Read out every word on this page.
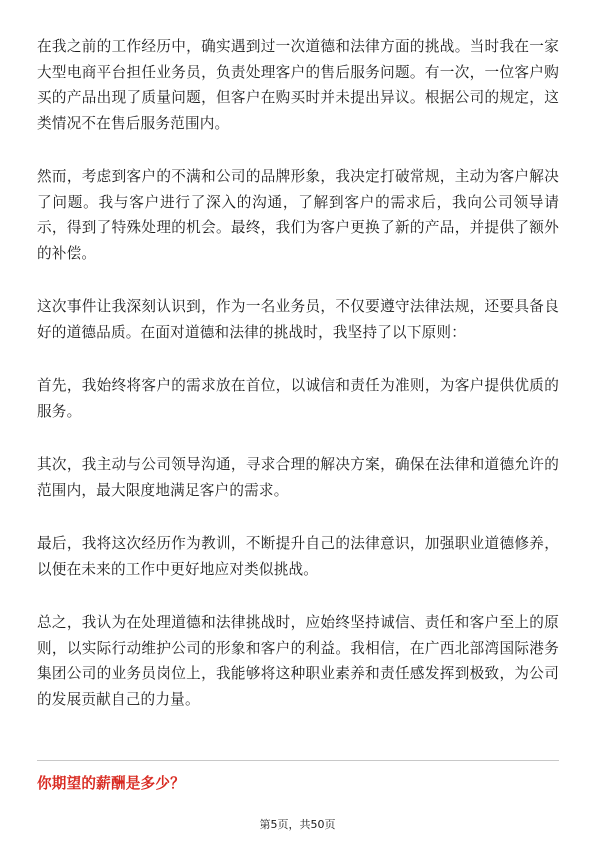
在我之前的工作经历中，确实遇到过一次道德和法律方面的挑战。当时我在一家大型电商平台担任业务员，负责处理客户的售后服务问题。有一次，一位客户购买的产品出现了质量问题，但客户在购买时并未提出异议。根据公司的规定，这类情况不在售后服务范围内。

然而，考虑到客户的不满和公司的品牌形象，我决定打破常规，主动为客户解决了问题。我与客户进行了深入的沟通，了解到客户的需求后，我向公司领导请示，得到了特殊处理的机会。最终，我们为客户更换了新的产品，并提供了额外的补偿。

这次事件让我深刻认识到，作为一名业务员，不仅要遵守法律法规，还要具备良好的道德品质。在面对道德和法律的挑战时，我坚持了以下原则：

首先，我始终将客户的需求放在首位，以诚信和责任为准则，为客户提供优质的服务。

其次，我主动与公司领导沟通，寻求合理的解决方案，确保在法律和道德允许的范围内，最大限度地满足客户的需求。

最后，我将这次经历作为教训，不断提升自己的法律意识，加强职业道德修养，以便在未来的工作中更好地应对类似挑战。

总之，我认为在处理道德和法律挑战时，应始终坚持诚信、责任和客户至上的原则，以实际行动维护公司的形象和客户的利益。我相信，在广西北部湾国际港务集团公司的业务员岗位上，我能够将这种职业素养和责任感发挥到极致，为公司的发展贡献自己的力量。

你期望的薪酬是多少？
第5页，共50页
